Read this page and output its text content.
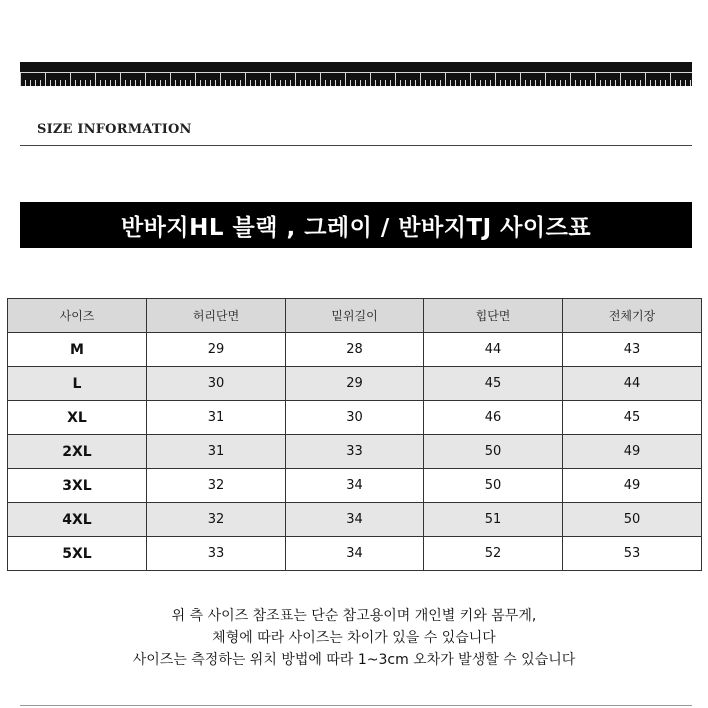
SIZE INFORMATION
반바지HL 블랙 , 그레이 / 반바지TJ 사이즈표
사이즈	허리단면	밑위길이	힙단면	전체기장
M	29	28	44	43
L	30	29	45	44
XL	31	30	46	45
2XL	31	33	50	49
3XL	32	34	50	49
4XL	32	34	51	50
5XL	33	34	52	53
위 측 사이즈 참조표는 단순 참고용이며 개인별 키와 몸무게,
체형에 따라 사이즈는 차이가 있을 수 있습니다
사이즈는 측정하는 위치 방법에 따라 1~3cm 오차가 발생할 수 있습니다
